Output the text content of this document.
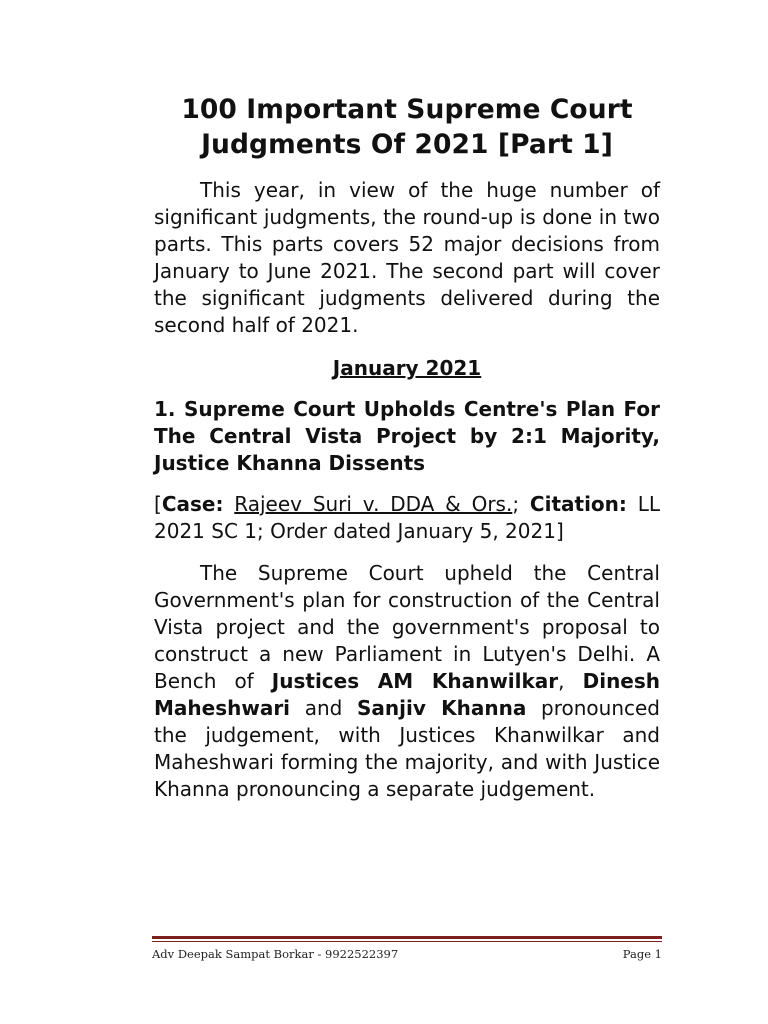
100 Important Supreme Court
Judgments Of 2021 [Part 1]

This year, in view of the huge number of significant judgments, the round-up is done in two parts. This parts covers 52 major decisions from January to June 2021. The second part will cover the significant judgments delivered during the second half of 2021.

January 2021

1. Supreme Court Upholds Centre's Plan For The Central Vista Project by 2:1 Majority, Justice Khanna Dissents

[Case: Rajeev Suri v. DDA & Ors.; Citation: LL 2021 SC 1; Order dated January 5, 2021]

The Supreme Court upheld the Central Government's plan for construction of the Central Vista project and the government's proposal to construct a new Parliament in Lutyen's Delhi. A Bench of Justices AM Khanwilkar, Dinesh Maheshwari and Sanjiv Khanna pronounced the judgement, with Justices Khanwilkar and Maheshwari forming the majority, and with Justice Khanna pronouncing a separate judgement.

Adv Deepak Sampat Borkar - 9922522397	Page 1
